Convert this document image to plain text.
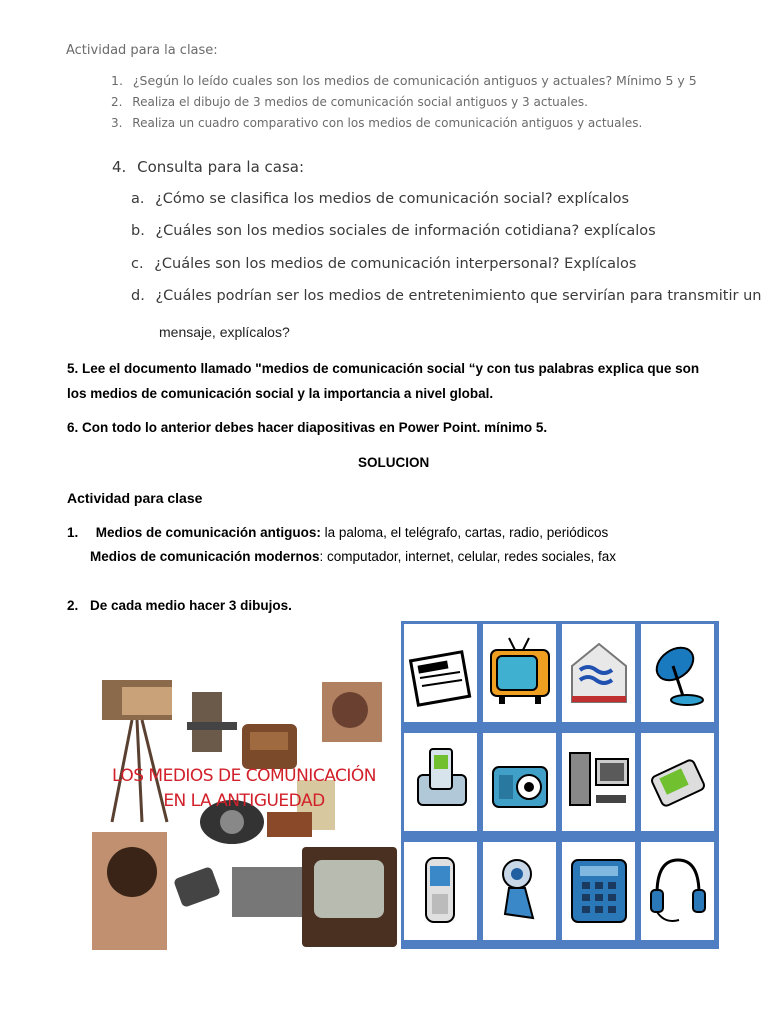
Actividad para la clase:
1. ¿Según lo leído cuales son los medios de comunicación antiguos y actuales? Mínimo 5 y 5
2. Realiza el dibujo de 3 medios de comunicación social antiguos y 3 actuales.
3. Realiza un cuadro comparativo con los medios de comunicación antiguos y actuales.
4. Consulta para la casa:
a. ¿Cómo se clasifica los medios de comunicación social? explícalos
b. ¿Cuáles son los medios sociales de información cotidiana? explícalos
c. ¿Cuáles son los medios de comunicación interpersonal? Explícalos
d. ¿Cuáles podrían ser los medios de entretenimiento que servirían para transmitir un
mensaje, explícalos?
5. Lee el documento llamado "medios de comunicación social “y con tus palabras explica que son
los medios de comunicación social y la importancia a nivel global.
6. Con todo lo anterior debes hacer diapositivas en Power Point. mínimo 5.
SOLUCION
Actividad para clase
1. Medios de comunicación antiguos: la paloma, el telégrafo, cartas, radio, periódicos
Medios de comunicación modernos: computador, internet, celular, redes sociales, fax
2. De cada medio hacer 3 dibujos.
LOS MEDIOS DE COMUNICACIÓN EN LA ANTIGUEDAD
